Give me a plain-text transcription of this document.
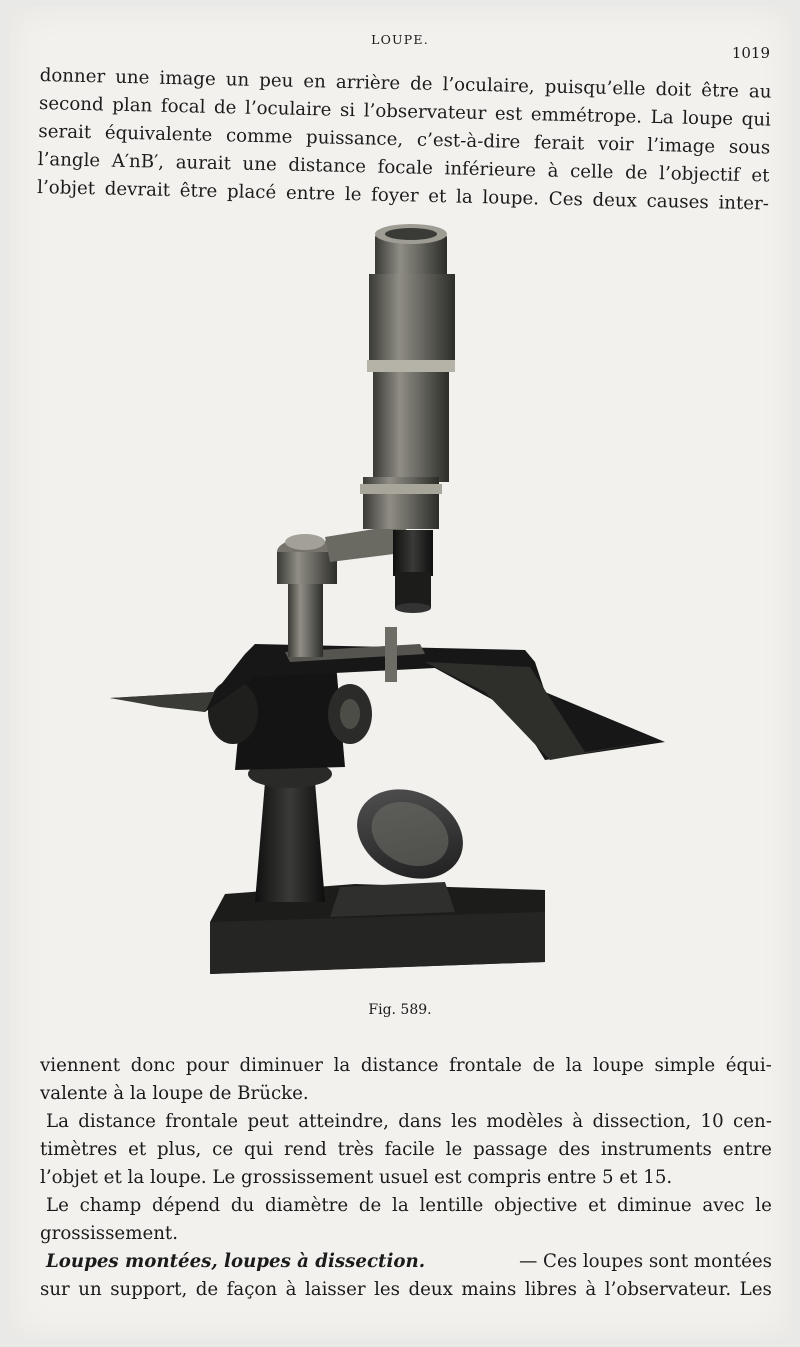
LOUPE.
1019
donner une image un peu en arrière de l’oculaire, puisqu’elle doit être au
second plan focal de l’oculaire si l’observateur est emmétrope. La loupe qui
serait équivalente comme puissance, c’est-à-dire ferait voir l’image sous
l’angle A′nB′, aurait une distance focale inférieure à celle de l’objectif et
l’objet devrait être placé entre le foyer et la loupe. Ces deux causes inter-
Fig. 589.
viennent donc pour diminuer la distance frontale de la loupe simple équi-
valente à la loupe de Brücke.
La distance frontale peut atteindre, dans les modèles à dissection, 10 cen-
timètres et plus, ce qui rend très facile le passage des instruments entre
l’objet et la loupe. Le grossissement usuel est compris entre 5 et 15.
Le champ dépend du diamètre de la lentille objective et diminue avec le
grossissement.
Loupes montées, loupes à dissection.	— Ces loupes sont montées
sur un support, de façon à laisser les deux mains libres à l’observateur. Les
